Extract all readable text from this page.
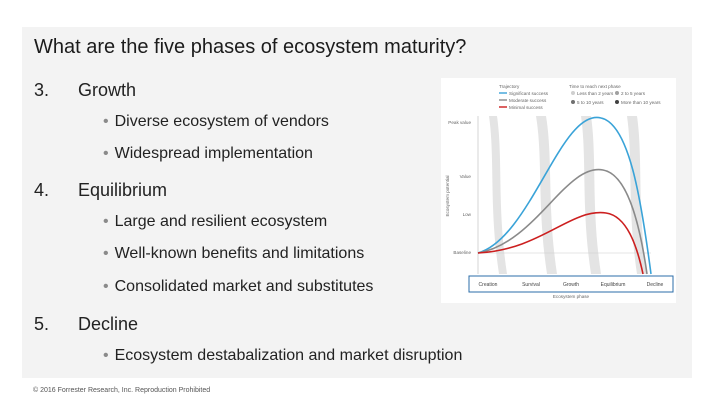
What are the five phases of ecosystem maturity?
3. Growth
• Diverse ecosystem of vendors
• Widespread implementation
4. Equilibrium
• Large and resilient ecosystem
• Well-known benefits and limitations
• Consolidated market and substitutes
5. Decline
• Ecosystem destabalization and market disruption
Trajectory
Significant success
Moderate success
Minimal success
Time to reach next phase
Less than 2 years 2 to 5 years
5 to 10 years	More than 10 years
Peak value
Value
Low
Baseline
Ecosystem potential
Creation	Survival	Growth	Equilibrium	Decline
Ecosystem phase
© 2016 Forrester Research, Inc. Reproduction Prohibited
